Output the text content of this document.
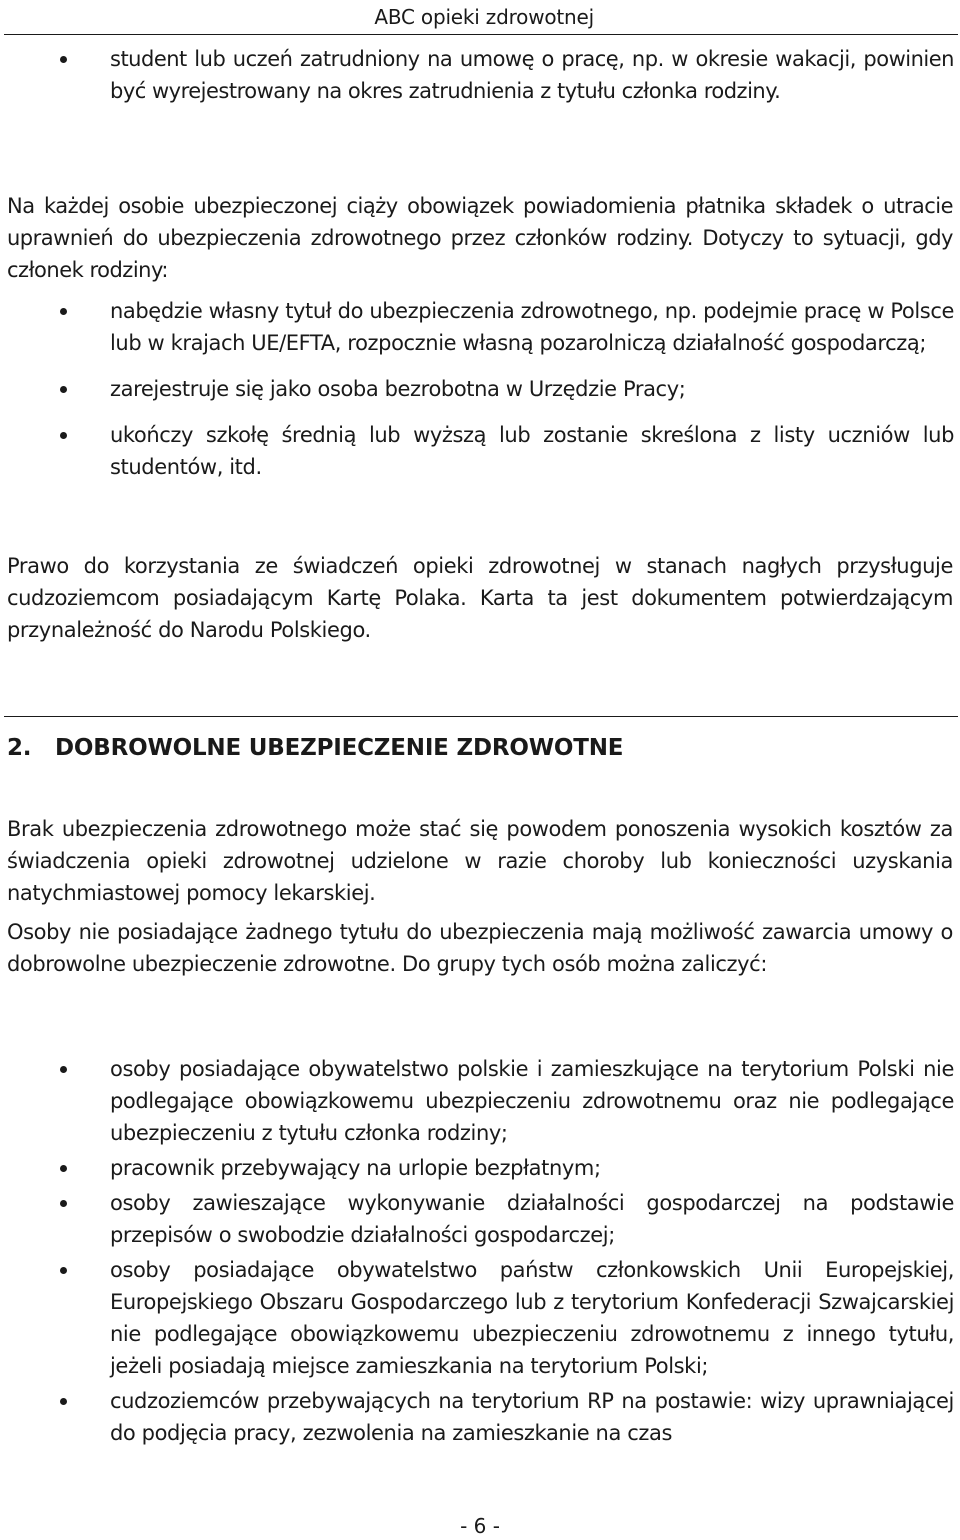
ABC opieki zdrowotnej
student lub uczeń zatrudniony na umowę o pracę, np. w okresie wakacji, powinien być wyrejestrowany na okres zatrudnienia z tytułu członka rodziny.

Na każdej osobie ubezpieczonej ciąży obowiązek powiadomienia płatnika składek o utracie uprawnień do ubezpieczenia zdrowotnego przez członków rodziny. Dotyczy to sytuacji, gdy członek rodziny:

nabędzie własny tytuł do ubezpieczenia zdrowotnego, np. podejmie pracę w Polsce lub w krajach UE/EFTA, rozpocznie własną pozarolniczą działalność gospodarczą;
zarejestruje się jako osoba bezrobotna w Urzędzie Pracy;
ukończy szkołę średnią lub wyższą lub zostanie skreślona z listy uczniów lub studentów, itd.

Prawo do korzystania ze świadczeń opieki zdrowotnej w stanach nagłych przysługuje cudzoziemcom posiadającym Kartę Polaka. Karta ta jest dokumentem potwierdzającym przynależność do Narodu Polskiego.

2. DOBROWOLNE UBEZPIECZENIE ZDROWOTNE

Brak ubezpieczenia zdrowotnego może stać się powodem ponoszenia wysokich kosztów za świadczenia opieki zdrowotnej udzielone w razie choroby lub konieczności uzyskania natychmiastowej pomocy lekarskiej.

Osoby nie posiadające żadnego tytułu do ubezpieczenia mają możliwość zawarcia umowy o dobrowolne ubezpieczenie zdrowotne. Do grupy tych osób można zaliczyć:

osoby posiadające obywatelstwo polskie i zamieszkujące na terytorium Polski nie podlegające obowiązkowemu ubezpieczeniu zdrowotnemu oraz nie podlegające ubezpieczeniu z tytułu członka rodziny;
pracownik przebywający na urlopie bezpłatnym;
osoby zawieszające wykonywanie działalności gospodarczej na podstawie przepisów o swobodzie działalności gospodarczej;
osoby posiadające obywatelstwo państw członkowskich Unii Europejskiej, Europejskiego Obszaru Gospodarczego lub z terytorium Konfederacji Szwajcarskiej nie podlegające obowiązkowemu ubezpieczeniu zdrowotnemu z innego tytułu, jeżeli posiadają miejsce zamieszkania na terytorium Polski;
cudzoziemców przebywających na terytorium RP na postawie: wizy uprawniającej do podjęcia pracy, zezwolenia na zamieszkanie na czas
- 6 -
